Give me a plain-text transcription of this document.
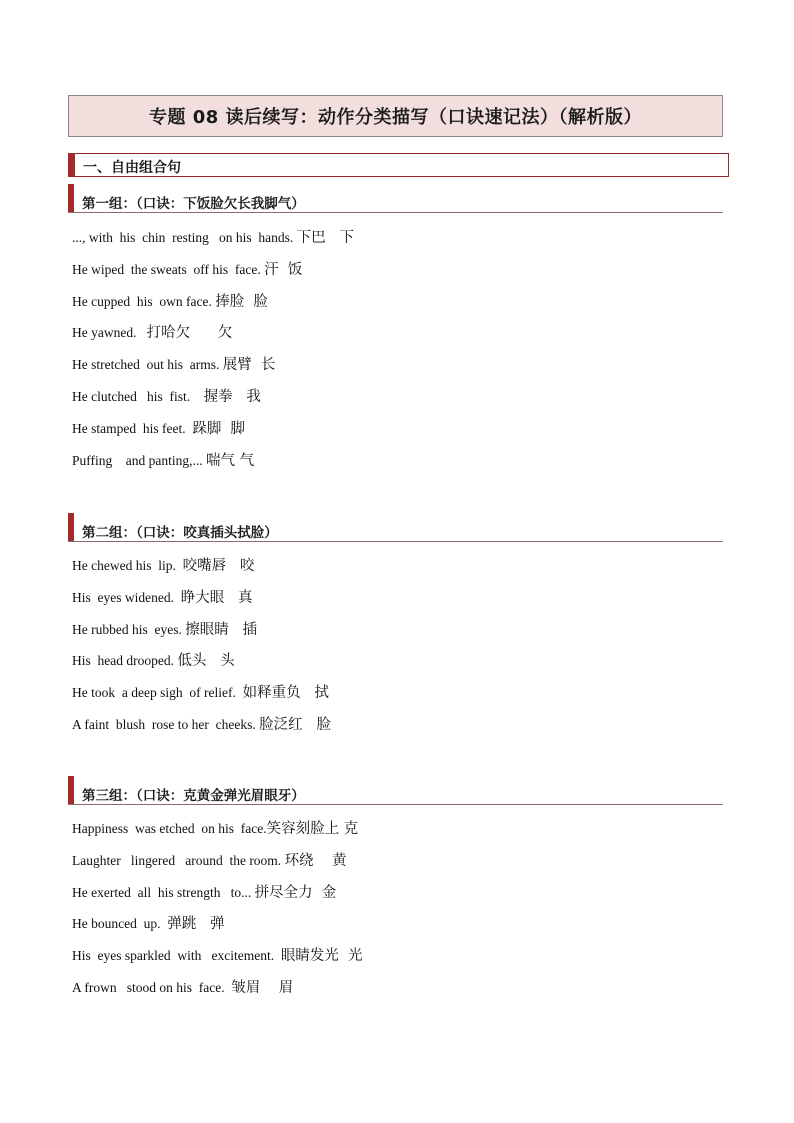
专题 08 读后续写：动作分类描写（口诀速记法）（解析版）
一、自由组合句
第一组：（口诀：下饭脸欠长我脚气）
..., with  his  chin  resting   on his  hands. 下巴   下
He wiped  the sweats  off his  face. 汗  饭
He cupped  his  own face. 捧脸  脸
He yawned.   打哈欠      欠
He stretched  out his  arms. 展臂  长
He clutched   his  fist.    握拳   我
He stamped  his feet.  跺脚  脚
Puffing    and panting,... 喘气 气
第二组：（口诀：咬真插头拭脸）
He chewed his  lip.  咬嘴唇   咬
His  eyes widened.  睁大眼   真
He rubbed his  eyes. 擦眼睛   插
His  head drooped. 低头   头
He took  a deep sigh  of relief.  如释重负   拭
A faint  blush  rose to her  cheeks. 脸泛红   脸
第三组：（口诀：克黄金弹光眉眼牙）
Happiness  was etched  on his  face.笑容刻脸上 克
Laughter   lingered   around  the room. 环绕    黄
He exerted  all  his strength   to... 拼尽全力  金
He bounced  up.  弹跳   弹
His  eyes sparkled  with   excitement.  眼睛发光  光
A frown   stood on his  face.  皱眉    眉
